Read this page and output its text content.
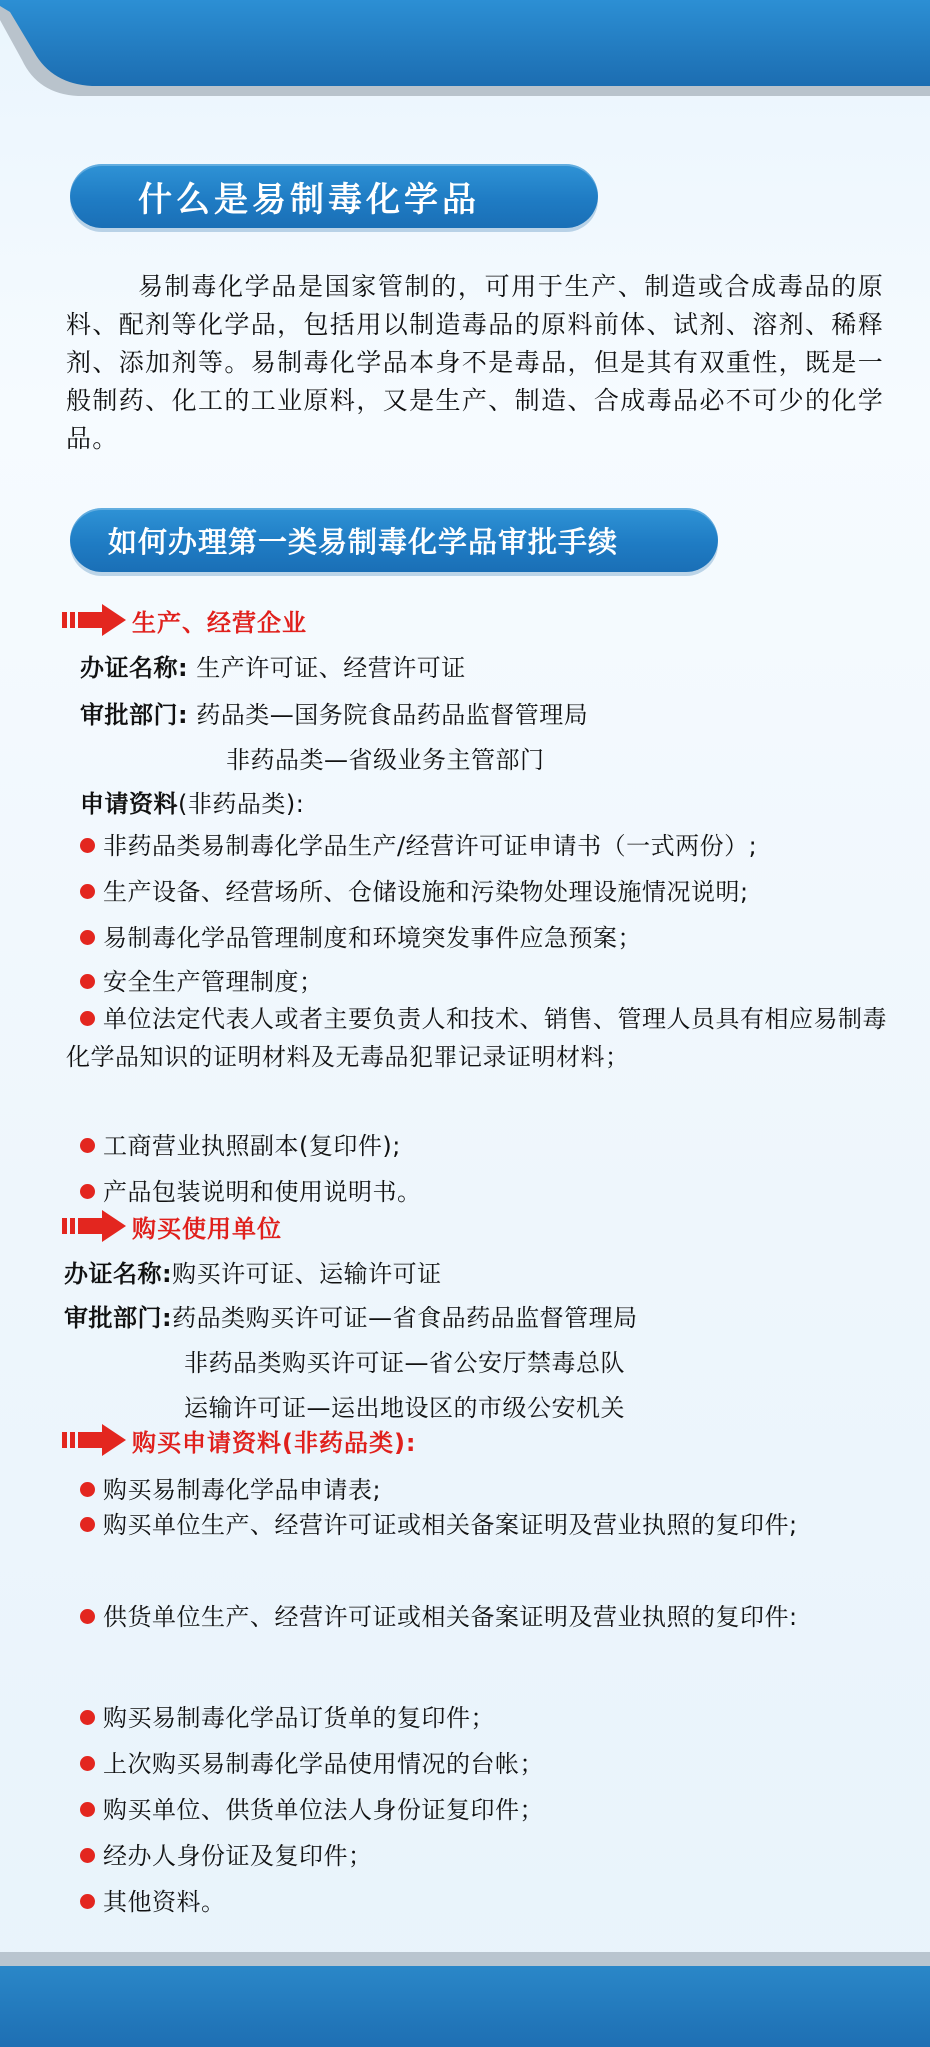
什么是易制毒化学品
易制毒化学品是国家管制的，可用于生产、制造或合成毒品的原料、配剂等化学品，包括用以制造毒品的原料前体、试剂、溶剂、稀释剂、添加剂等。易制毒化学品本身不是毒品，但是其有双重性，既是一般制药、化工的工业原料，又是生产、制造、合成毒品必不可少的化学品。
如何办理第一类易制毒化学品审批手续
生产、经营企业
办证名称: 生产许可证、经营许可证
审批部门: 药品类—国务院食品药品监督管理局
非药品类—省级业务主管部门
申请资料(非药品类):
非药品类易制毒化学品生产/经营许可证申请书（一式两份）;
生产设备、经营场所、仓储设施和污染物处理设施情况说明;
易制毒化学品管理制度和环境突发事件应急预案；
安全生产管理制度；
单位法定代表人或者主要负责人和技术、销售、管理人员具有相应易制毒化学品知识的证明材料及无毒品犯罪记录证明材料；
工商营业执照副本(复印件);
产品包装说明和使用说明书。
购买使用单位
办证名称:购买许可证、运输许可证
审批部门:药品类购买许可证—省食品药品监督管理局
非药品类购买许可证—省公安厅禁毒总队
运输许可证—运出地设区的市级公安机关
购买申请资料(非药品类):
购买易制毒化学品申请表;
购买单位生产、经营许可证或相关备案证明及营业执照的复印件;
供货单位生产、经营许可证或相关备案证明及营业执照的复印件:
购买易制毒化学品订货单的复印件；
上次购买易制毒化学品使用情况的台帐；
购买单位、供货单位法人身份证复印件；
经办人身份证及复印件；
其他资料。
